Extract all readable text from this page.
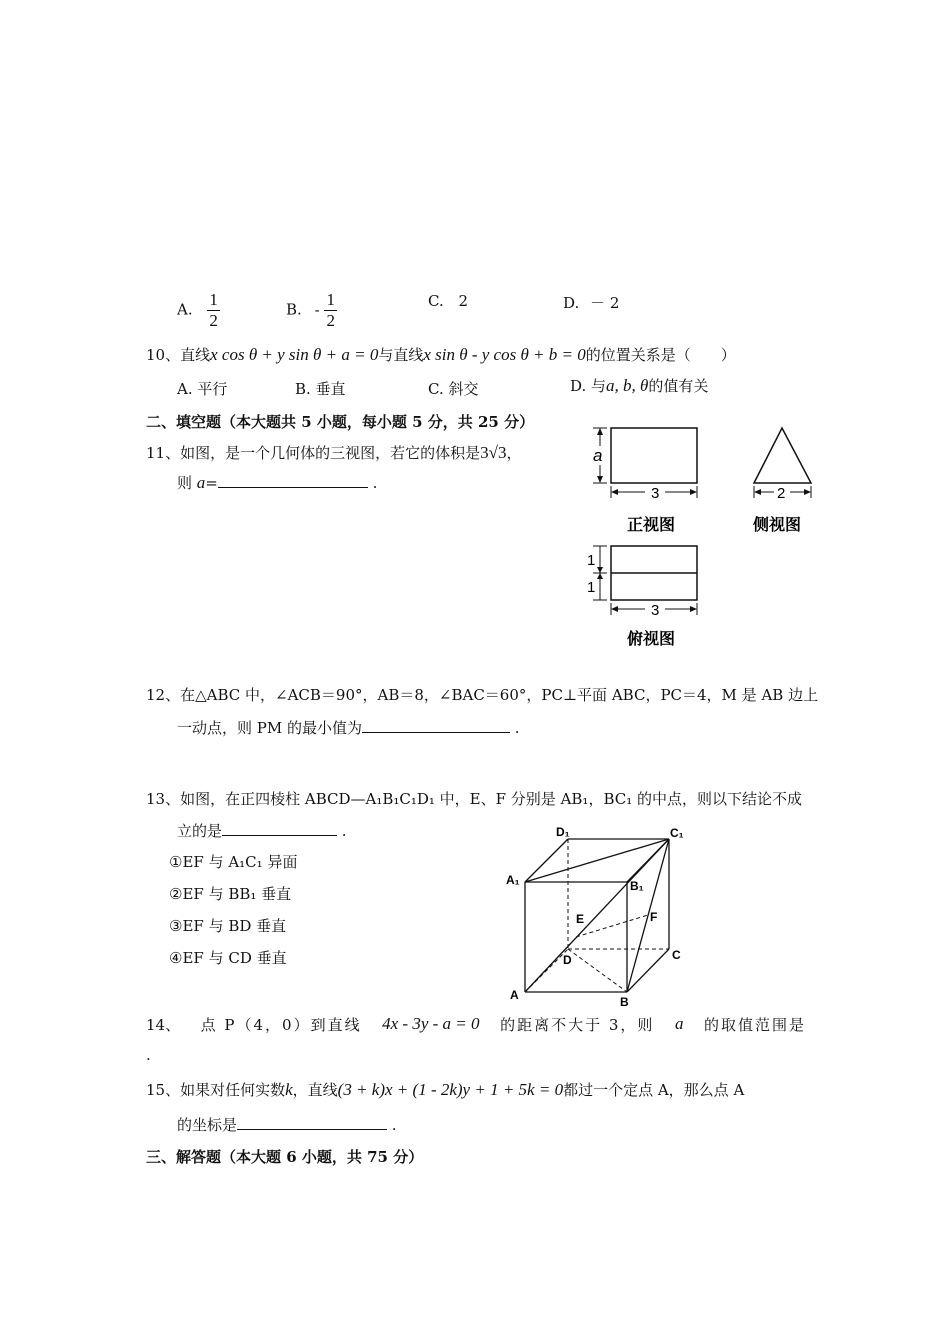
A. $\frac{1}{2}$	B. - $\frac{1}{2}$	C. 2	D. － 2
10、直线x cos θ + y sin θ + a = 0与直线x sin θ - y cos θ + b = 0的位置关系是（　　）
A. 平行	B. 垂直	C. 斜交	D. 与a, b, θ的值有关
二、填空题（本大题共 5 小题，每小题 5 分，共 25 分）
11、如图，是一个几何体的三视图，若它的体积是3√3，
则 a=	.
a
3
正视图
2
侧视图
1
1
3
俯视图
12、在△ABC 中，∠ACB＝90°，AB＝8，∠BAC＝60°，PC⊥平面 ABC，PC＝4，M 是 AB 边上
一动点，则 PM 的最小值为	.
13、如图，在正四棱柱 ABCD—A₁B₁C₁D₁ 中，E、F 分别是 AB₁，BC₁ 的中点，则以下结论不成
立的是	.
①EF 与 A₁C₁ 异面
②EF 与 BB₁ 垂直
③EF 与 BD 垂直
④EF 与 CD 垂直
D₁	C₁
A₁	B₁
E	F
D	C
A	B
14、 点 P（4，0）到直线 4x - 3y - a = 0 的距离不大于 3，则 a 的取值范围是
.
15、如果对任何实数k，直线(3 + k)x + (1 - 2k)y + 1 + 5k = 0都过一个定点 A，那么点 A
的坐标是	.
三、解答题（本大题 6 小题，共 75 分）
